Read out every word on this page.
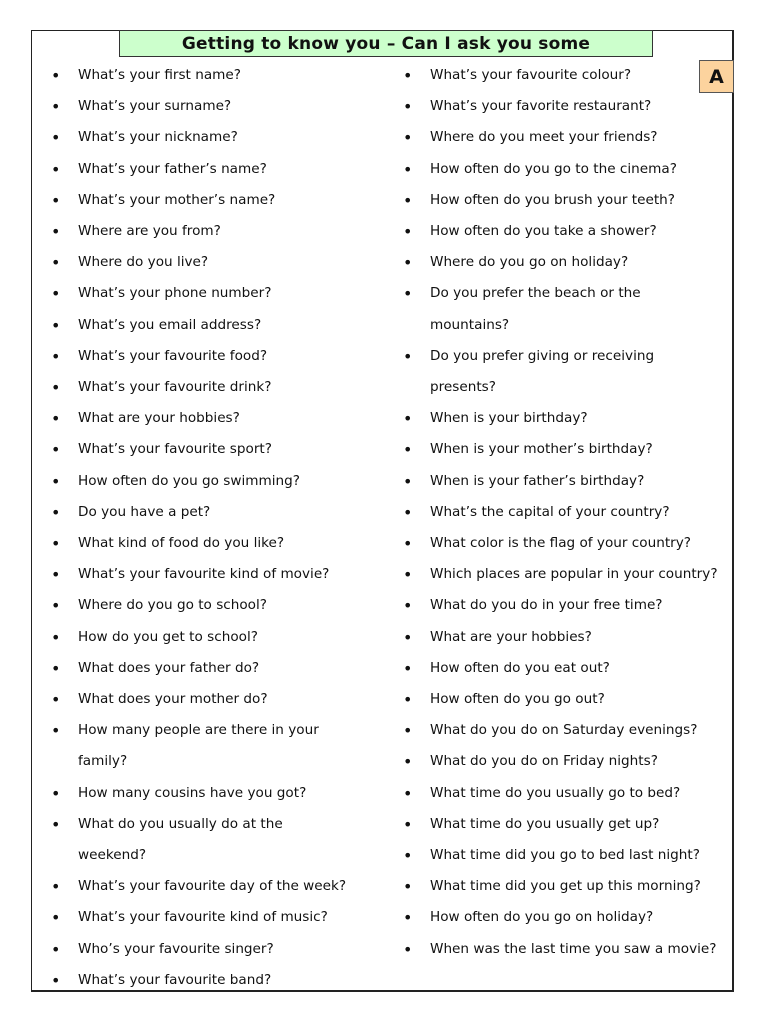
Getting to know you – Can I ask you some
A
• What’s your first name?
• What’s your surname?
• What’s your nickname?
• What’s your father’s name?
• What’s your mother’s name?
• Where are you from?
• Where do you live?
• What’s your phone number?
• What’s you email address?
• What’s your favourite food?
• What’s your favourite drink?
• What are your hobbies?
• What’s your favourite sport?
• How often do you go swimming?
• Do you have a pet?
• What kind of food do you like?
• What’s your favourite kind of movie?
• Where do you go to school?
• How do you get to school?
• What does your father do?
• What does your mother do?
• How many people are there in your family?
• How many cousins have you got?
• What do you usually do at the weekend?
• What’s your favourite day of the week?
• What’s your favourite kind of music?
• Who’s your favourite singer?
• What’s your favourite band?
• What’s your favourite colour?
• What’s your favorite restaurant?
• Where do you meet your friends?
• How often do you go to the cinema?
• How often do you brush your teeth?
• How often do you take a shower?
• Where do you go on holiday?
• Do you prefer the beach or the mountains?
• Do you prefer giving or receiving presents?
• When is your birthday?
• When is your mother’s birthday?
• When is your father’s birthday?
• What’s the capital of your country?
• What color is the flag of your country?
• Which places are popular in your country?
• What do you do in your free time?
• What are your hobbies?
• How often do you eat out?
• How often do you go out?
• What do you do on Saturday evenings?
• What do you do on Friday nights?
• What time do you usually go to bed?
• What time do you usually get up?
• What time did you go to bed last night?
• What time did you get up this morning?
• How often do you go on holiday?
• When was the last time you saw a movie?
